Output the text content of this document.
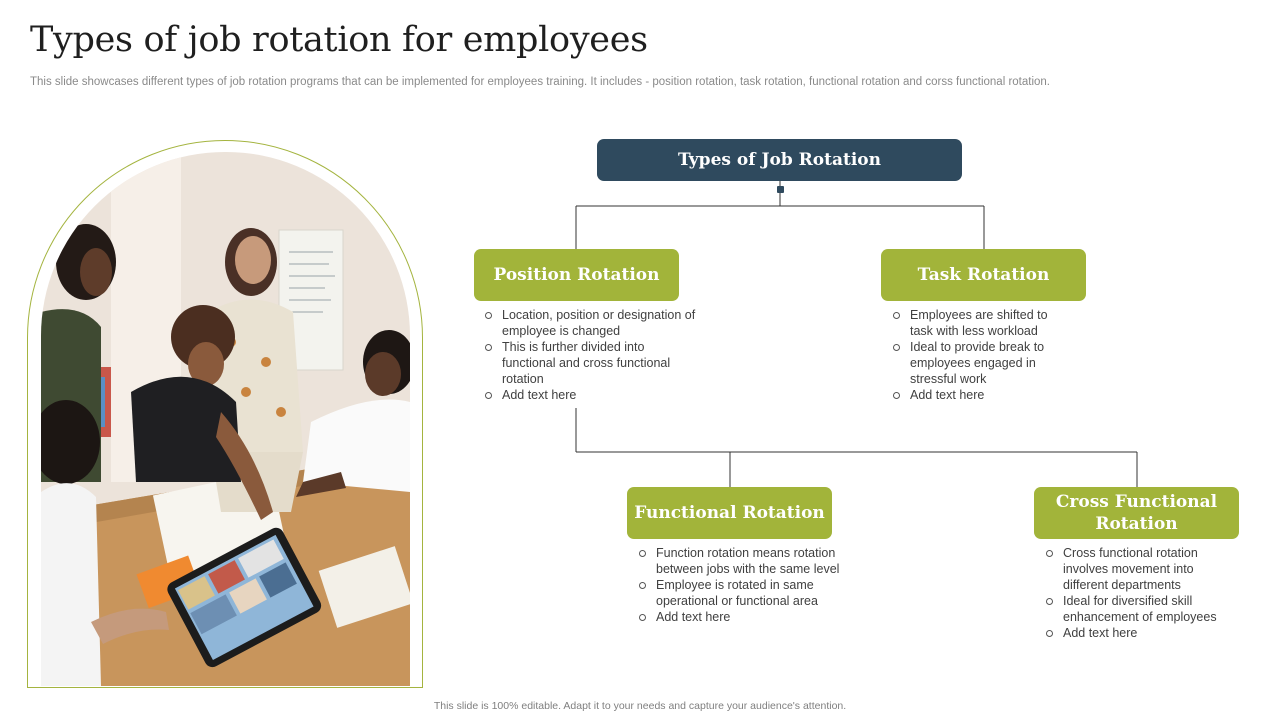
Types of job rotation for employees
This slide showcases different types of job rotation programs that can be implemented for employees training. It includes - position rotation, task rotation, functional rotation and corss functional rotation.
Types of Job Rotation
Position Rotation
Location, position or designation of employee is changed
This is further divided into functional and cross functional rotation
Add text here
Task Rotation
Employees are shifted to task with less workload
Ideal to provide break to employees engaged in stressful work
Add text here
Functional Rotation
Function rotation means rotation between jobs with the same level
Employee is rotated in same operational or functional area
Add text here
Cross Functional Rotation
Cross functional rotation involves movement into different departments
Ideal for diversified skill enhancement of employees
Add text here
This slide is 100% editable. Adapt it to your needs and capture your audience's attention.
